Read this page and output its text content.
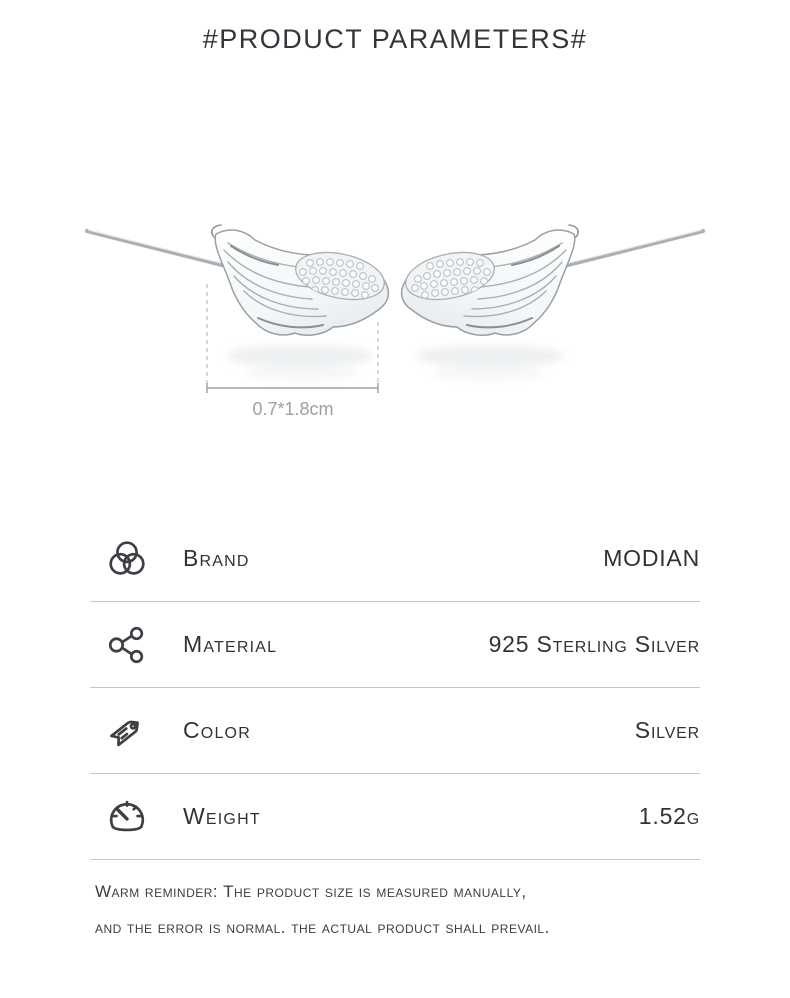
#PRODUCT PARAMETERS#
0.7*1.8cm
Brand	MODIAN
Material	925 Sterling Silver
Color	Silver
Weight	1.52g
Warm reminder: The product size is measured manually,
and the error is normal. the actual product shall prevail.
